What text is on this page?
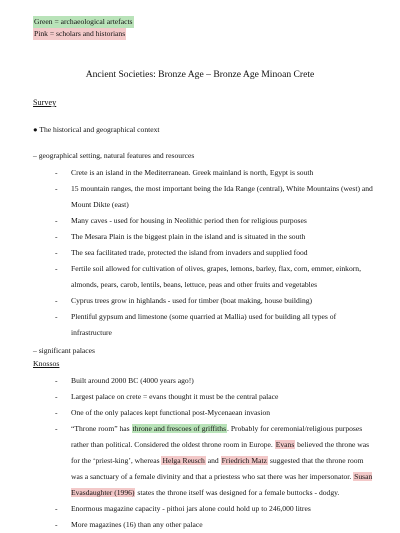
Green = archaeological artefacts
Pink = scholars and historians
Ancient Societies: Bronze Age – Bronze Age Minoan Crete
Survey
● The historical and geographical context
– geographical setting, natural features and resources
- Crete is an island in the Mediterranean. Greek mainland is north, Egypt is south
- 15 mountain ranges, the most important being the Ida Range (central), White Mountains (west) and Mount Dikte (east)
- Many caves - used for housing in Neolithic period then for religious purposes
- The Mesara Plain is the biggest plain in the island and is situated in the south
- The sea facilitated trade, protected the island from invaders and supplied food
- Fertile soil allowed for cultivation of olives, grapes, lemons, barley, flax, corn, emmer, einkorn, almonds, pears, carob, lentils, beans, lettuce, peas and other fruits and vegetables
- Cyprus trees grow in highlands - used for timber (boat making, house building)
- Plentiful gypsum and limestone (some quarried at Mallia) used for building all types of infrastructure
– significant palaces
Knossos
- Built around 2000 BC (4000 years ago!)
- Largest palace on crete = evans thought it must be the central palace
- One of the only palaces kept functional post-Mycenaean invasion
- “Throne room” has throne and frescoes of griffiths. Probably for ceremonial/religious purposes rather than political. Considered the oldest throne room in Europe. Evans believed the throne was for the ‘priest-king’, whereas Helga Reusch and Friedrich Matz suggested that the throne room was a sanctuary of a female divinity and that a priestess who sat there was her impersonator. Susan Evasdaughter (1996) states the throne itself was designed for a female buttocks - dodgy.
- Enormous magazine capacity - pithoi jars alone could hold up to 246,000 litres
- More magazines (16) than any other palace
